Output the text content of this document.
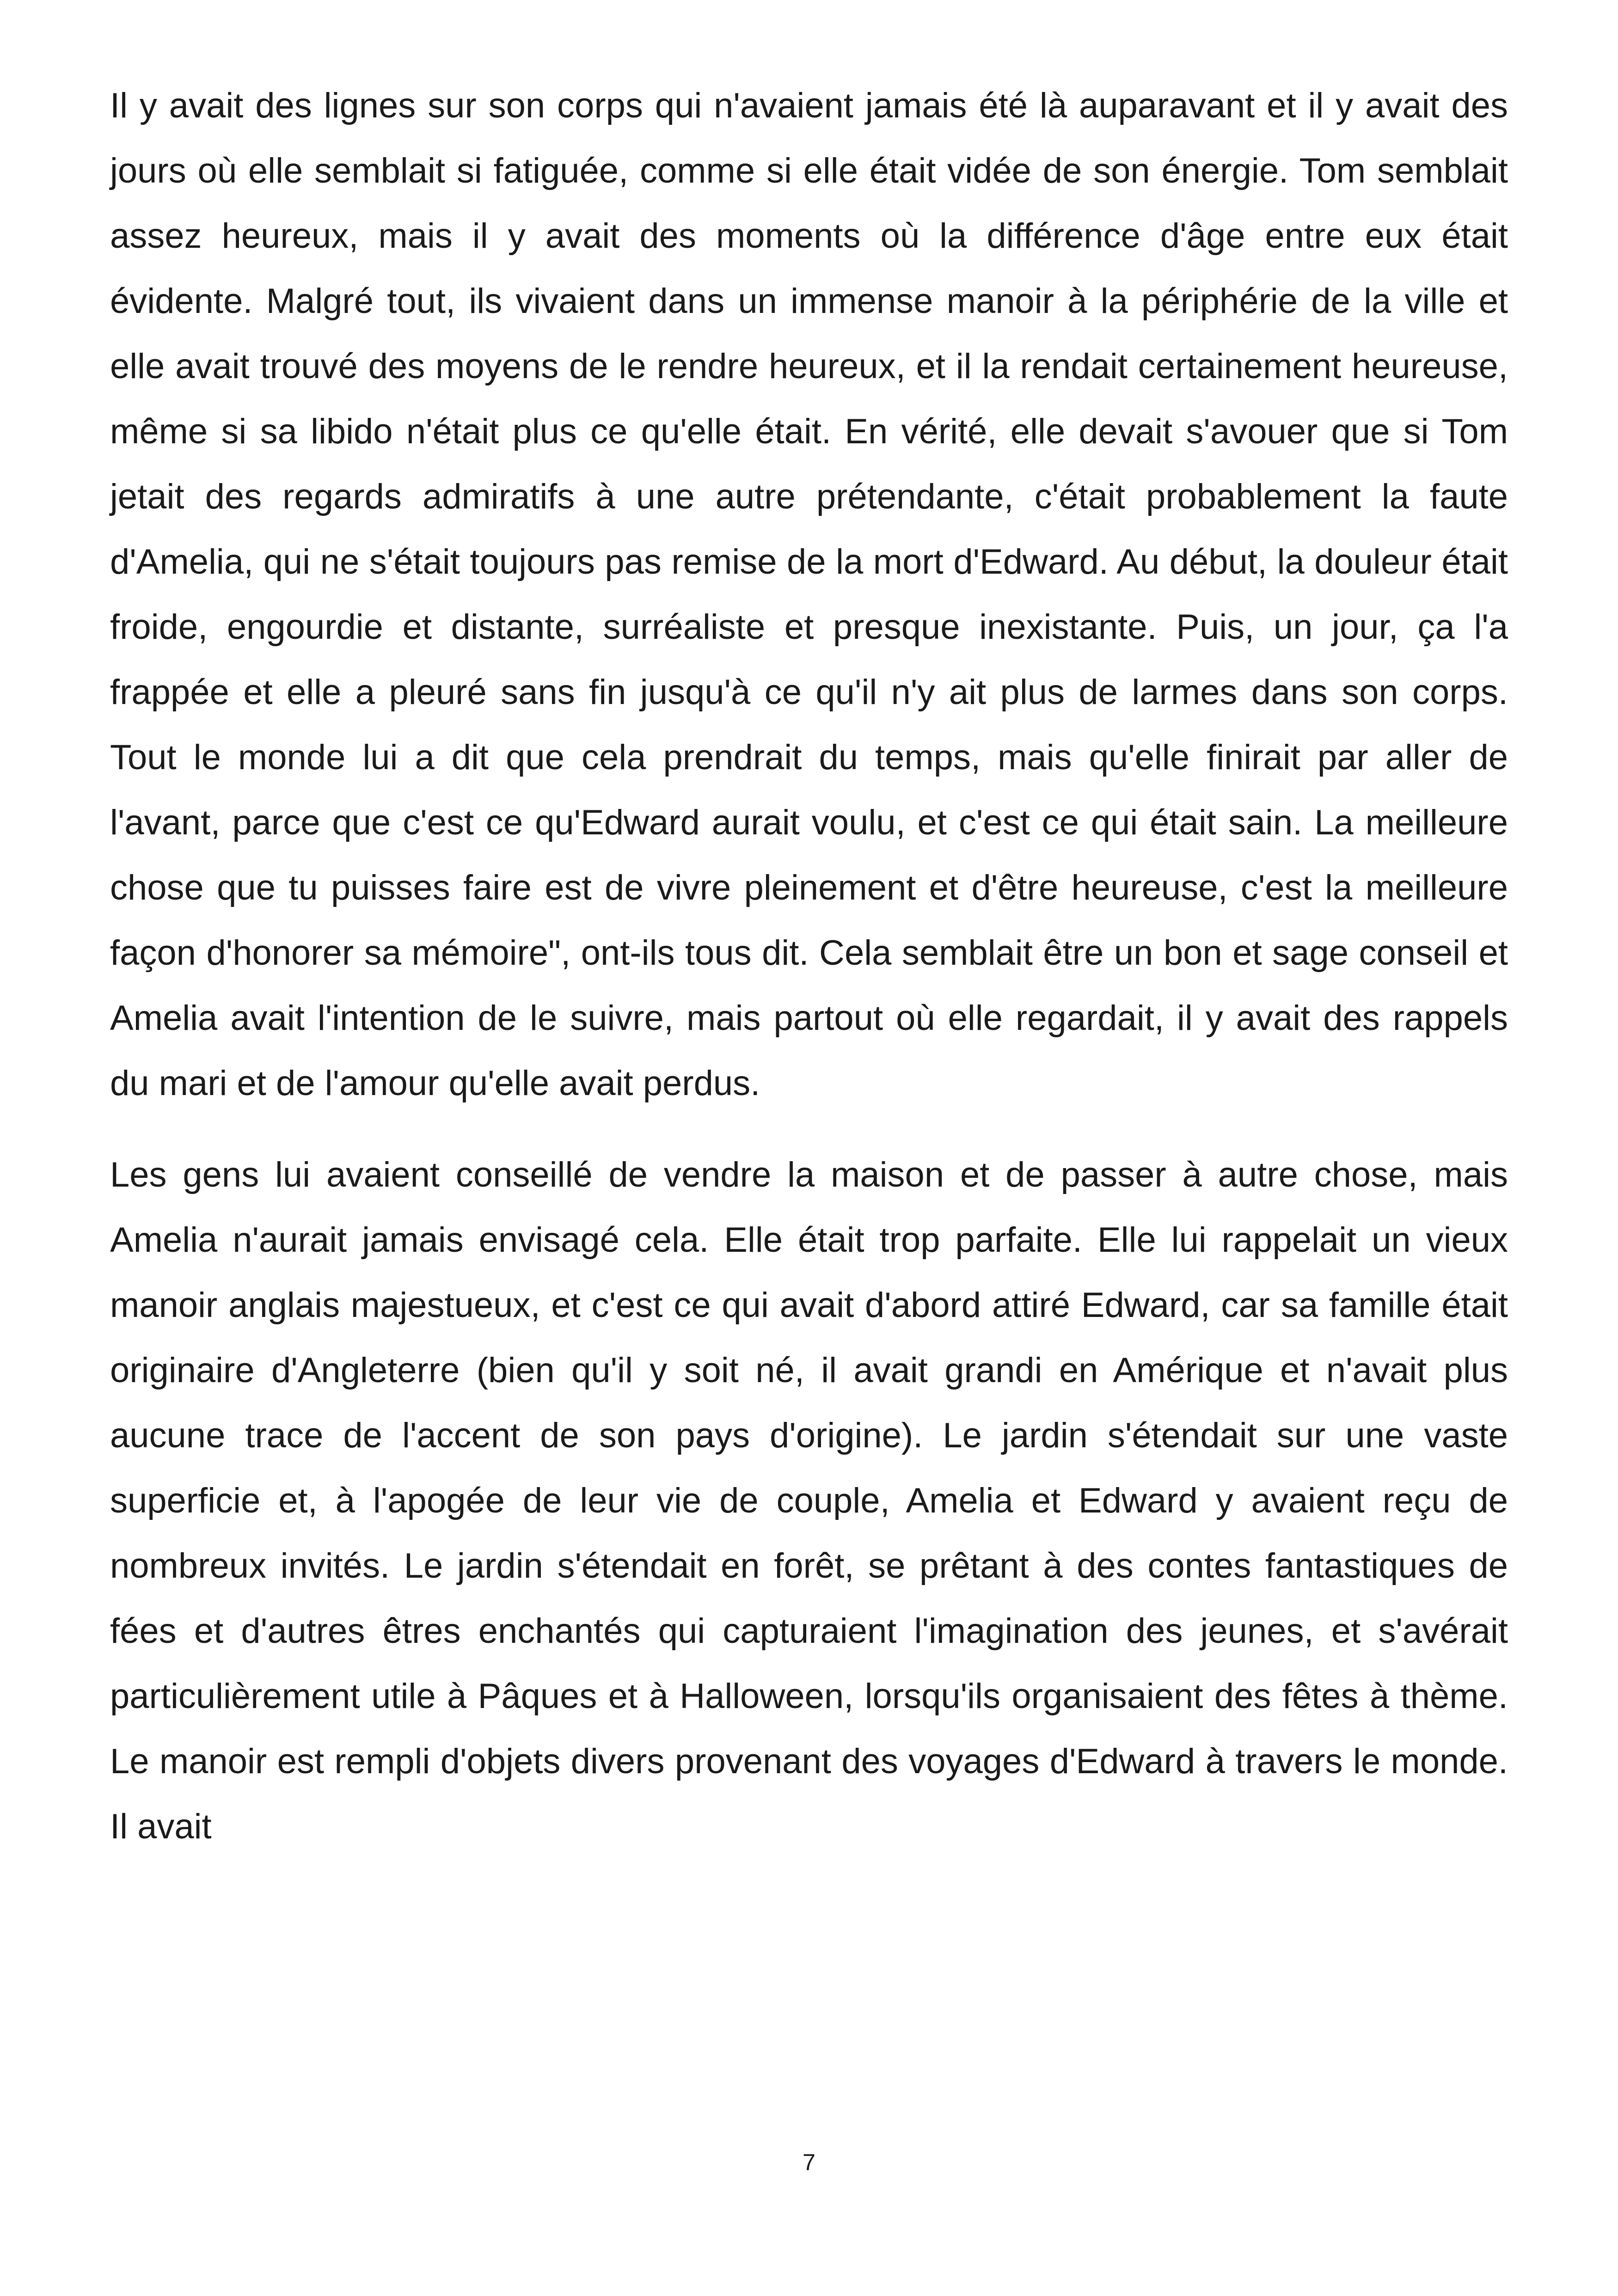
Il y avait des lignes sur son corps qui n'avaient jamais été là auparavant et il y avait des jours où elle semblait si fatiguée, comme si elle était vidée de son énergie. Tom semblait assez heureux, mais il y avait des moments où la différence d'âge entre eux était évidente. Malgré tout, ils vivaient dans un immense manoir à la périphérie de la ville et elle avait trouvé des moyens de le rendre heureux, et il la rendait certainement heureuse, même si sa libido n'était plus ce qu'elle était. En vérité, elle devait s'avouer que si Tom jetait des regards admiratifs à une autre prétendante, c'était probablement la faute d'Amelia, qui ne s'était toujours pas remise de la mort d'Edward. Au début, la douleur était froide, engourdie et distante, surréaliste et presque inexistante. Puis, un jour, ça l'a frappée et elle a pleuré sans fin jusqu'à ce qu'il n'y ait plus de larmes dans son corps. Tout le monde lui a dit que cela prendrait du temps, mais qu'elle finirait par aller de l'avant, parce que c'est ce qu'Edward aurait voulu, et c'est ce qui était sain. La meilleure chose que tu puisses faire est de vivre pleinement et d'être heureuse, c'est la meilleure façon d'honorer sa mémoire", ont-ils tous dit. Cela semblait être un bon et sage conseil et Amelia avait l'intention de le suivre, mais partout où elle regardait, il y avait des rappels du mari et de l'amour qu'elle avait perdus.

Les gens lui avaient conseillé de vendre la maison et de passer à autre chose, mais Amelia n'aurait jamais envisagé cela. Elle était trop parfaite. Elle lui rappelait un vieux manoir anglais majestueux, et c'est ce qui avait d'abord attiré Edward, car sa famille était originaire d'Angleterre (bien qu'il y soit né, il avait grandi en Amérique et n'avait plus aucune trace de l'accent de son pays d'origine). Le jardin s'étendait sur une vaste superficie et, à l'apogée de leur vie de couple, Amelia et Edward y avaient reçu de nombreux invités. Le jardin s'étendait en forêt, se prêtant à des contes fantastiques de fées et d'autres êtres enchantés qui capturaient l'imagination des jeunes, et s'avérait particulièrement utile à Pâques et à Halloween, lorsqu'ils organisaient des fêtes à thème. Le manoir est rempli d'objets divers provenant des voyages d'Edward à travers le monde. Il avait

7
